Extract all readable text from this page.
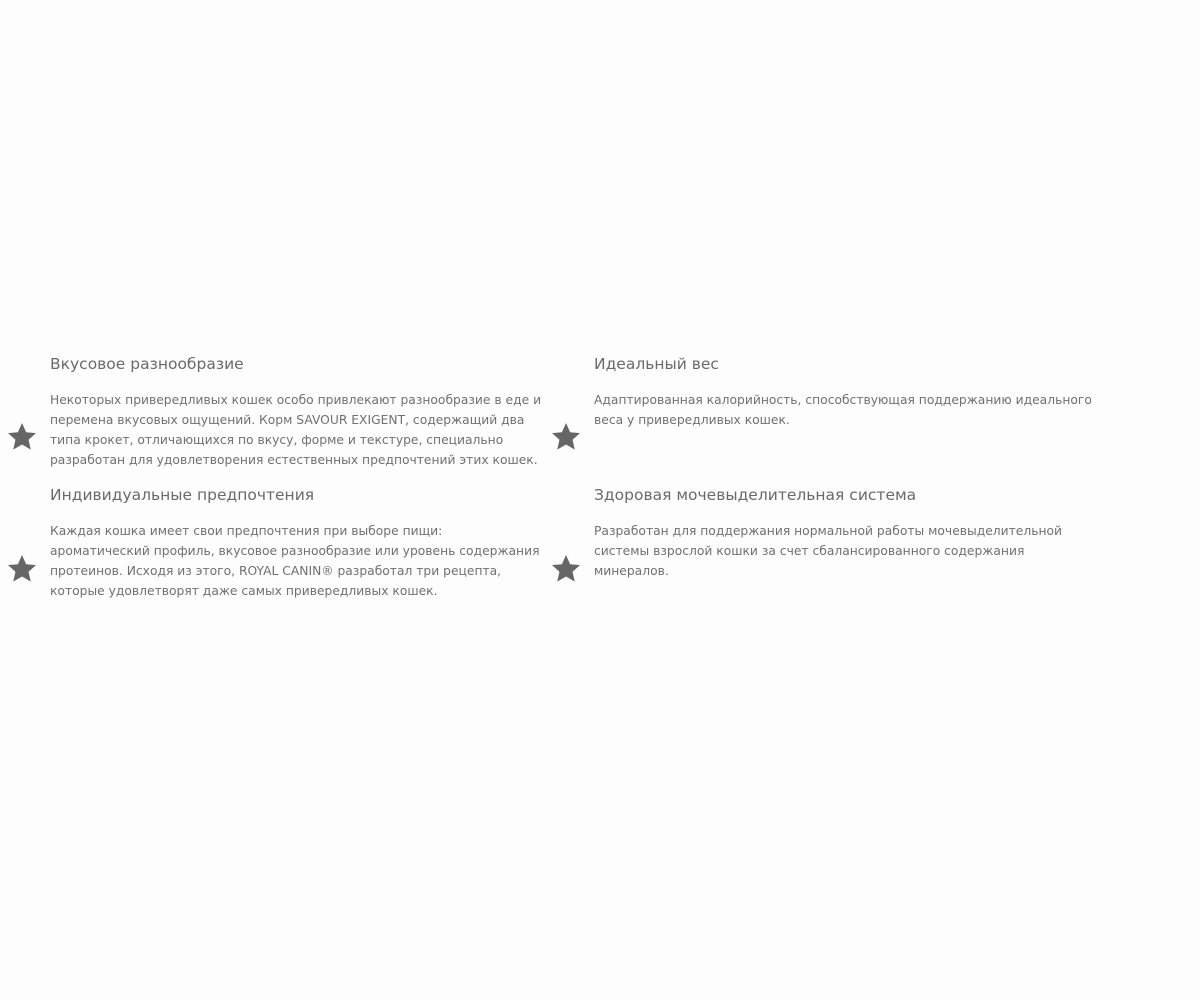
Вкусовое разнообразие
Некоторых привередливых кошек особо привлекают разнообразие в еде и перемена вкусовых ощущений. Корм SAVOUR EXIGENT, содержащий два типа крокет, отличающихся по вкусу, форме и текстуре, специально разработан для удовлетворения естественных предпочтений этих кошек.
Идеальный вес
Адаптированная калорийность, способствующая поддержанию идеального веса у привередливых кошек.
Индивидуальные предпочтения
Каждая кошка имеет свои предпочтения при выборе пищи: ароматический профиль, вкусовое разнообразие или уровень содержания протеинов. Исходя из этого, ROYAL CANIN® разработал три рецепта, которые удовлетворят даже самых привередливых кошек.
Здоровая мочевыделительная система
Разработан для поддержания нормальной работы мочевыделительной системы взрослой кошки за счет сбалансированного содержания минералов.
